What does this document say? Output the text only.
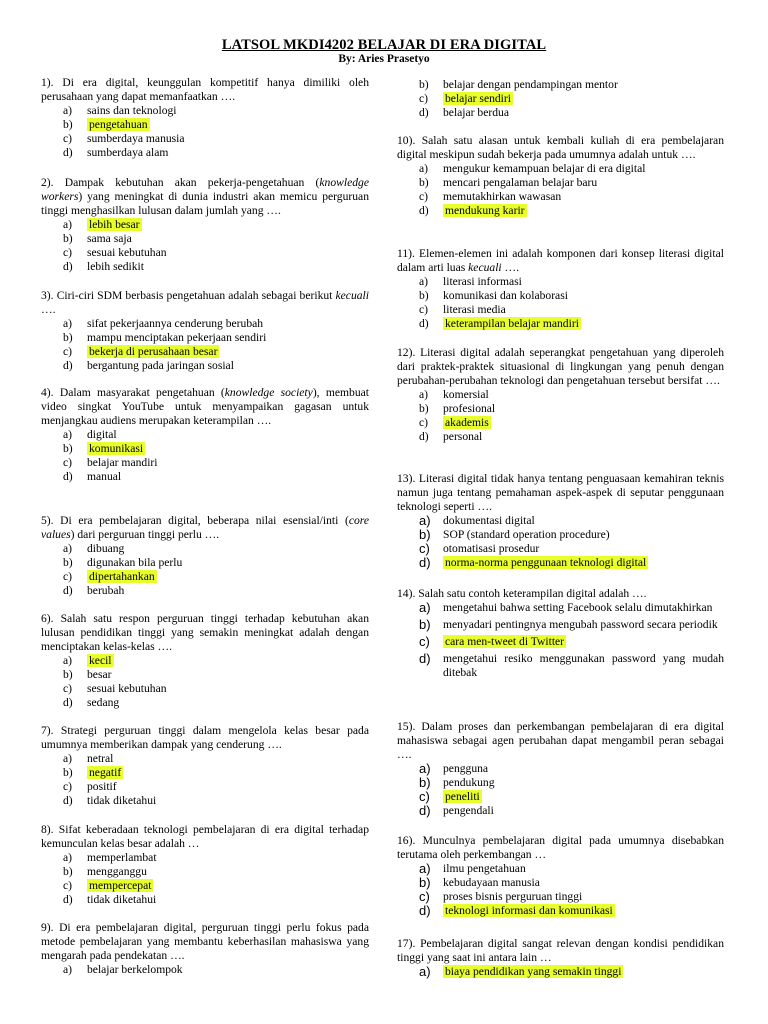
LATSOL MKDI4202 BELAJAR DI ERA DIGITAL
By: Aries Prasetyo
1). Di era digital, keunggulan kompetitif hanya dimiliki oleh perusahaan yang dapat memanfaatkan ….
a)	sains dan teknologi
b)	pengetahuan
c)	sumberdaya manusia
d)	sumberdaya alam
2). Dampak kebutuhan akan pekerja-pengetahuan (knowledge workers) yang meningkat di dunia industri akan memicu perguruan tinggi menghasilkan lulusan dalam jumlah yang ….
a)	lebih besar
b)	sama saja
c)	sesuai kebutuhan
d)	lebih sedikit
3). Ciri-ciri SDM berbasis pengetahuan adalah sebagai berikut kecuali ….
a)	sifat pekerjaannya cenderung berubah
b)	mampu menciptakan pekerjaan sendiri
c)	bekerja di perusahaan besar
d)	bergantung pada jaringan sosial
4). Dalam masyarakat pengetahuan (knowledge society), membuat video singkat YouTube untuk menyampaikan gagasan untuk menjangkau audiens merupakan keterampilan ….
a)	digital
b)	komunikasi
c)	belajar mandiri
d)	manual
5). Di era pembelajaran digital, beberapa nilai esensial/inti (core values) dari perguruan tinggi perlu ….
a)	dibuang
b)	digunakan bila perlu
c)	dipertahankan
d)	berubah
6). Salah satu respon perguruan tinggi terhadap kebutuhan akan lulusan pendidikan tinggi yang semakin meningkat adalah dengan menciptakan kelas-kelas ….
a)	kecil
b)	besar
c)	sesuai kebutuhan
d)	sedang
7). Strategi perguruan tinggi dalam mengelola kelas besar pada umumnya memberikan dampak yang cenderung ….
a)	netral
b)	negatif
c)	positif
d)	tidak diketahui
8). Sifat keberadaan teknologi pembelajaran di era digital terhadap kemunculan kelas besar adalah …
a)	memperlambat
b)	mengganggu
c)	mempercepat
d)	tidak diketahui
9). Di era pembelajaran digital, perguruan tinggi perlu fokus pada metode pembelajaran yang membantu keberhasilan mahasiswa yang mengarah pada pendekatan ….
a)	belajar berkelompok
b)	belajar dengan pendampingan mentor
c)	belajar sendiri
d)	belajar berdua
10). Salah satu alasan untuk kembali kuliah di era pembelajaran digital meskipun sudah bekerja pada umumnya adalah untuk ….
a)	mengukur kemampuan belajar di era digital
b)	mencari pengalaman belajar baru
c)	memutakhirkan wawasan
d)	mendukung karir
11). Elemen-elemen ini adalah komponen dari konsep literasi digital dalam arti luas kecuali ….
a)	literasi informasi
b)	komunikasi dan kolaborasi
c)	literasi media
d)	keterampilan belajar mandiri
12). Literasi digital adalah seperangkat pengetahuan yang diperoleh dari praktek-praktek situasional di lingkungan yang penuh dengan perubahan-perubahan teknologi dan pengetahuan tersebut bersifat ….
a)	komersial
b)	profesional
c)	akademis
d)	personal
13). Literasi digital tidak hanya tentang penguasaan kemahiran teknis namun juga tentang pemahaman aspek-aspek di seputar penggunaan teknologi seperti ….
a)	dokumentasi digital
b)	SOP (standard operation procedure)
c)	otomatisasi prosedur
d)	norma-norma penggunaan teknologi digital
14). Salah satu contoh keterampilan digital adalah ….
a)	mengetahui bahwa setting Facebook selalu dimutakhirkan
b)	menyadari pentingnya mengubah password secara periodik
c)	cara men-tweet di Twitter
d)	mengetahui resiko menggunakan password yang mudah ditebak
15). Dalam proses dan perkembangan pembelajaran di era digital mahasiswa sebagai agen perubahan dapat mengambil peran sebagai ….
a)	pengguna
b)	pendukung
c)	peneliti
d)	pengendali
16). Munculnya pembelajaran digital pada umumnya disebabkan terutama oleh perkembangan …
a)	ilmu pengetahuan
b)	kebudayaan manusia
c)	proses bisnis perguruan tinggi
d)	teknologi informasi dan komunikasi
17). Pembelajaran digital sangat relevan dengan kondisi pendidikan tinggi yang saat ini antara lain …
a)	biaya pendidikan yang semakin tinggi
